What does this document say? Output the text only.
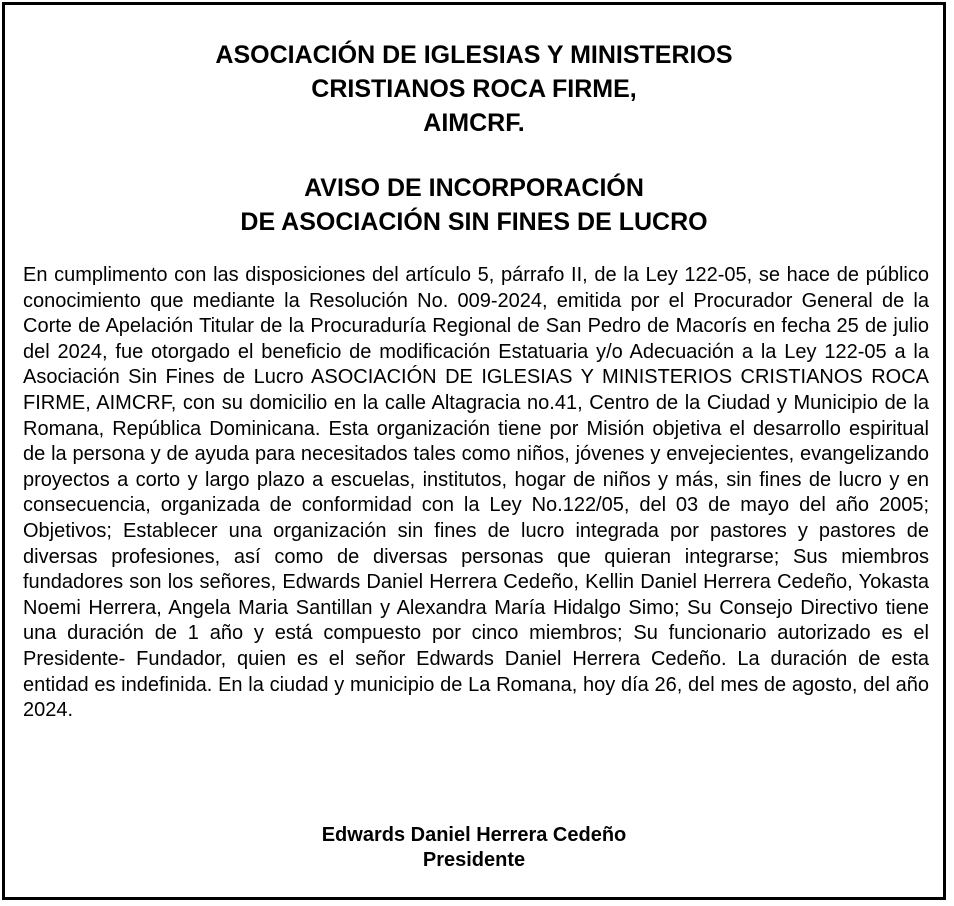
ASOCIACIÓN DE IGLESIAS Y MINISTERIOS
CRISTIANOS ROCA FIRME,
AIMCRF.
AVISO DE INCORPORACIÓN
DE ASOCIACIÓN SIN FINES DE LUCRO

En cumplimento con las disposiciones del artículo 5, párrafo II, de la Ley 122-05, se hace de público conocimiento que mediante la Resolución No. 009-2024, emitida por el Procurador General de la Corte de Apelación Titular de la Procuraduría Regional de San Pedro de Macorís en fecha 25 de julio del 2024, fue otorgado el beneficio de modificación Estatuaria y/o Adecuación a la Ley 122-05 a la Asociación Sin Fines de Lucro ASOCIACIÓN DE IGLESIAS Y MINISTERIOS CRISTIANOS ROCA FIRME, AIMCRF, con su domicilio en la calle Altagracia no.41, Centro de la Ciudad y Municipio de la Romana, República Dominicana. Esta organización tiene por Misión objetiva el desarrollo espiritual de la persona y de ayuda para necesitados tales como niños, jóvenes y envejecientes, evangelizando proyectos a corto y largo plazo a escuelas, institutos, hogar de niños y más, sin fines de lucro y en consecuencia, organizada de conformidad con la Ley No.122/05, del 03 de mayo del año 2005; Objetivos; Establecer una organización sin fines de lucro integrada por pastores y pastores de diversas profesiones, así como de diversas personas que quieran integrarse; Sus miembros fundadores son los señores, Edwards Daniel Herrera Cedeño, Kellin Daniel Herrera Cedeño, Yokasta Noemi Herrera, Angela Maria Santillan y Alexandra María Hidalgo Simo; Su Consejo Directivo tiene una duración de 1 año y está compuesto por cinco miembros; Su funcionario autorizado es el Presidente- Fundador, quien es el señor Edwards Daniel Herrera Cedeño. La duración de esta entidad es indefinida. En la ciudad y municipio de La Romana, hoy día 26, del mes de agosto, del año 2024.

Edwards Daniel Herrera Cedeño
Presidente
